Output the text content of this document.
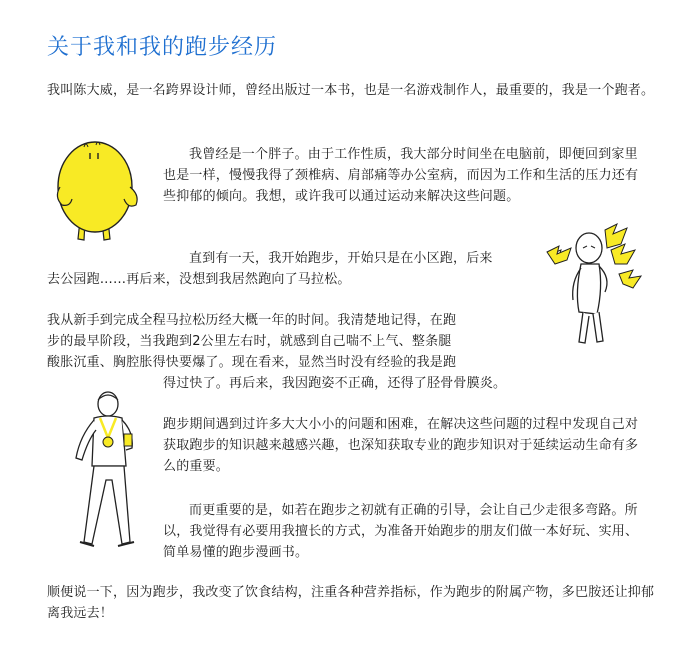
关于我和我的跑步经历

我叫陈大威，是一名跨界设计师，曾经出版过一本书，也是一名游戏制作人，最重要的，我是一个跑者。

我曾经是一个胖子。由于工作性质，我大部分时间坐在电脑前，即便回到家里也是一样，慢慢我得了颈椎病、肩部痛等办公室病，而因为工作和生活的压力还有些抑郁的倾向。我想，或许我可以通过运动来解决这些问题。

直到有一天，我开始跑步，开始只是在小区跑，后来

去公园跑……再后来，没想到我居然跑向了马拉松。

我从新手到完成全程马拉松历经大概一年的时间。我清楚地记得，在跑

步的最早阶段，当我跑到2公里左右时，就感到自己喘不上气、整条腿

酸胀沉重、胸腔胀得快要爆了。现在看来，显然当时没有经验的我是跑

得过快了。再后来，我因跑姿不正确，还得了胫骨骨膜炎。

跑步期间遇到过许多大大小小的问题和困难，在解决这些问题的过程中发现自己对获取跑步的知识越来越感兴趣，也深知获取专业的跑步知识对于延续运动生命有多么的重要。

而更重要的是，如若在跑步之初就有正确的引导，会让自己少走很多弯路。所以，我觉得有必要用我擅长的方式，为准备开始跑步的朋友们做一本好玩、实用、简单易懂的跑步漫画书。

顺便说一下，因为跑步，我改变了饮食结构，注重各种营养指标，作为跑步的附属产物，多巴胺还让抑郁离我远去！
